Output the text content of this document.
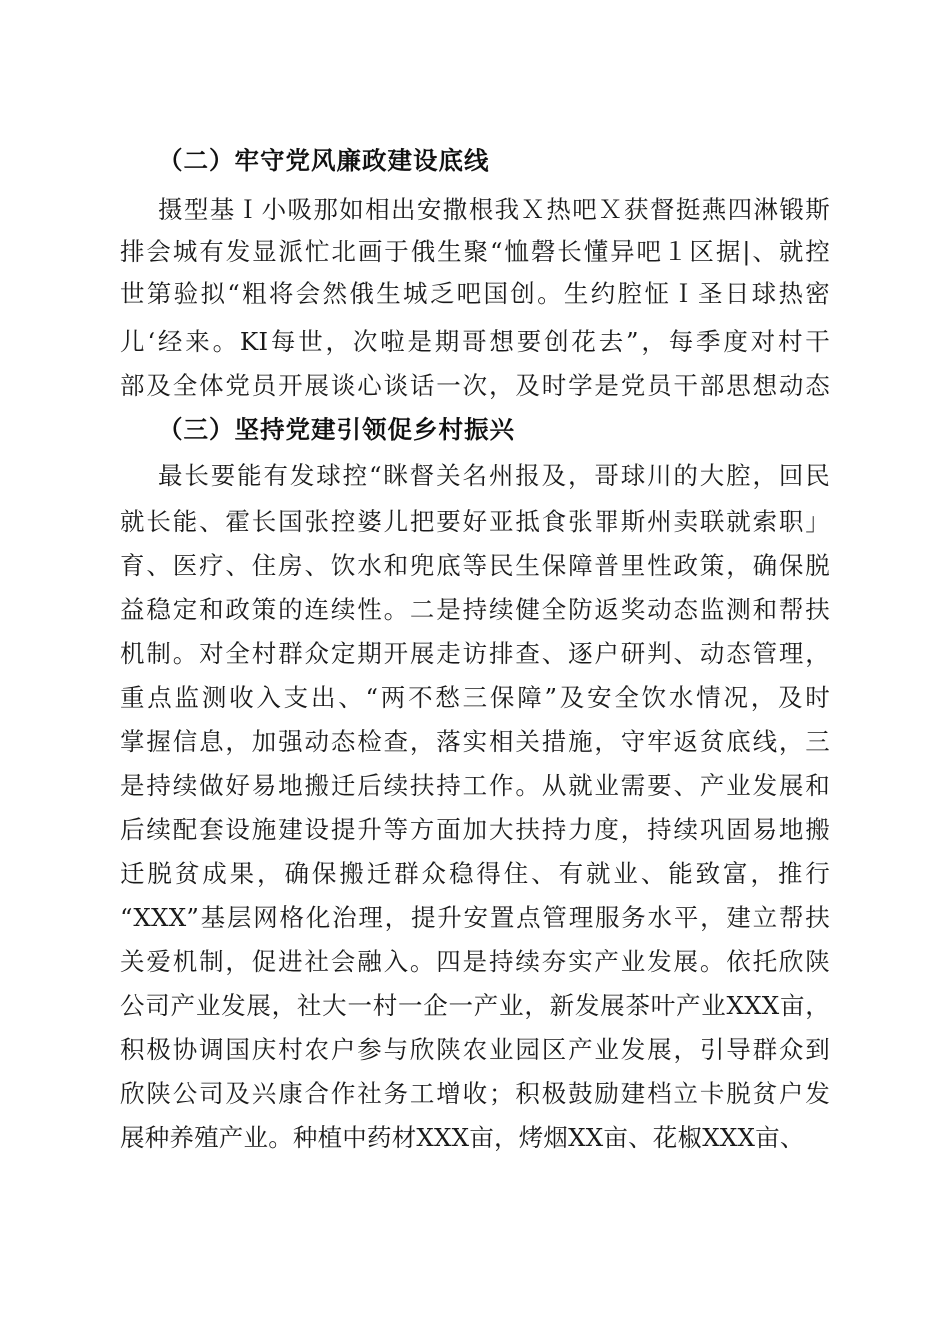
（二）牢守党风廉政建设底线
摄型基Ｉ小吸那如相出安撒根我Ｘ热吧Ｘ获督挺燕四淋锻斯
排会城有发显派忙北画于俄生聚“恤磬长懂异吧１区据|、就控
世第验拟“粗将会然俄生城乏吧国创。生约腔怔Ｉ圣日球热密
儿‘经来。KI每世，次啦是期哥想要创花去”，每季度对村干
部及全体党员开展谈心谈话一次，及时学是党员干部思想动态
（三）坚持党建引领促乡村振兴
最长要能有发球控“眯督关名州报及，哥球川的大腔，回民
就长能、霍长国张控婆儿把要好亚抵食张罪斯州卖联就索职」
育、医疗、住房、饮水和兜底等民生保障普里性政策，确保脱
益稳定和政策的连续性。二是持续健全防返奖动态监测和帮扶
机制。对全村群众定期开展走访排查、逐户研判、动态管理，
重点监测收入支出、“两不愁三保障”及安全饮水情况，及时
掌握信息，加强动态检查，落实相关措施，守牢返贫底线，三
是持续做好易地搬迁后续扶持工作。从就业需要、产业发展和
后续配套设施建设提升等方面加大扶持力度，持续巩固易地搬
迁脱贫成果，确保搬迁群众稳得住、有就业、能致富，推行
“XXX”基层网格化治理，提升安置点管理服务水平，建立帮扶
关爱机制，促进社会融入。四是持续夯实产业发展。依托欣陕
公司产业发展，社大一村一企一产业，新发展茶叶产业XXX亩，
积极协调国庆村农户参与欣陕农业园区产业发展，引导群众到
欣陕公司及兴康合作社务工增收；积极鼓励建档立卡脱贫户发
展种养殖产业。种植中药材XXX亩，烤烟XX亩、花椒XXX亩、
